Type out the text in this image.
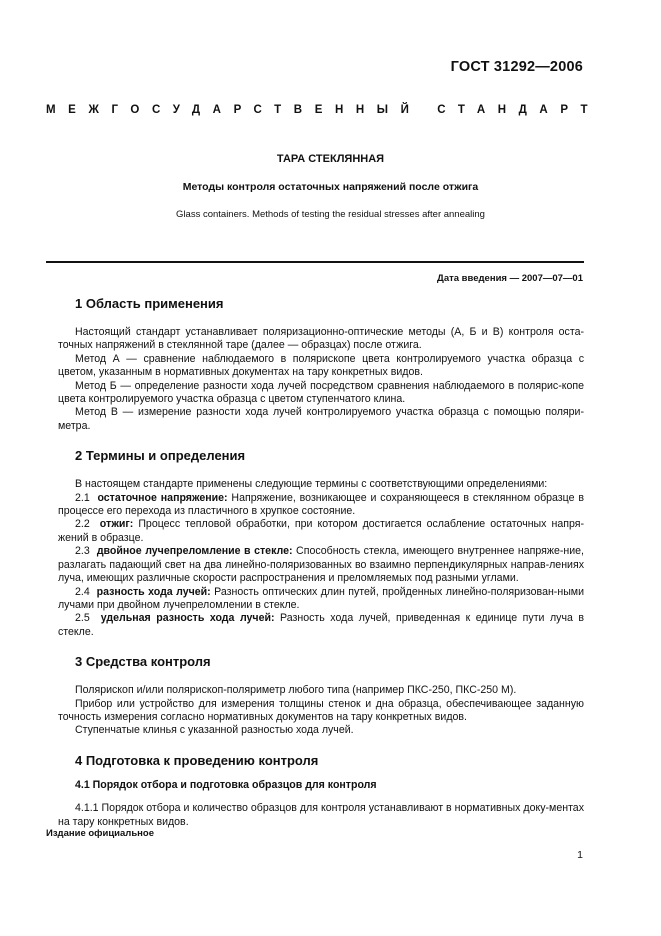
ГОСТ 31292—2006
МЕЖГОСУДАРСТВЕННЫЙ СТАНДАРТ
ТАРА СТЕКЛЯННАЯ
Методы контроля остаточных напряжений после отжига
Glass containers. Methods of testing the residual stresses after annealing
Дата введения — 2007—07—01
1 Область применения

Настоящий стандарт устанавливает поляризационно-оптические методы (А, Б и В) контроля оста-точных напряжений в стеклянной таре (далее — образцах) после отжига.

Метод А — сравнение наблюдаемого в полярископе цвета контролируемого участка образца с цветом, указанным в нормативных документах на тару конкретных видов.

Метод Б — определение разности хода лучей посредством сравнения наблюдаемого в полярис-копе цвета контролируемого участка образца с цветом ступенчатого клина.

Метод В — измерение разности хода лучей контролируемого участка образца с помощью поляри-метра.

2 Термины и определения

В настоящем стандарте применены следующие термины с соответствующими определениями:

2.1 остаточное напряжение: Напряжение, возникающее и сохраняющееся в стеклянном образце в процессе его перехода из пластичного в хрупкое состояние.

2.2 отжиг: Процесс тепловой обработки, при котором достигается ослабление остаточных напря-жений в образце.

2.3 двойное лучепреломление в стекле: Способность стекла, имеющего внутреннее напряже-ние, разлагать падающий свет на два линейно-поляризованных во взаимно перпендикулярных направ-лениях луча, имеющих различные скорости распространения и преломляемых под разными углами.

2.4 разность хода лучей: Разность оптических длин путей, пройденных линейно-поляризован-ными лучами при двойном лучепреломлении в стекле.

2.5 удельная разность хода лучей: Разность хода лучей, приведенная к единице пути луча в стекле.

3 Средства контроля

Полярископ и/или полярископ-поляриметр любого типа (например ПКС-250, ПКС-250 М).

Прибор или устройство для измерения толщины стенок и дна образца, обеспечивающее заданную точность измерения согласно нормативных документов на тару конкретных видов.

Ступенчатые клинья с указанной разностью хода лучей.

4 Подготовка к проведению контроля
4.1 Порядок отбора и подготовка образцов для контроля

4.1.1 Порядок отбора и количество образцов для контроля устанавливают в нормативных доку-ментах на тару конкретных видов.

Издание официальное
1
